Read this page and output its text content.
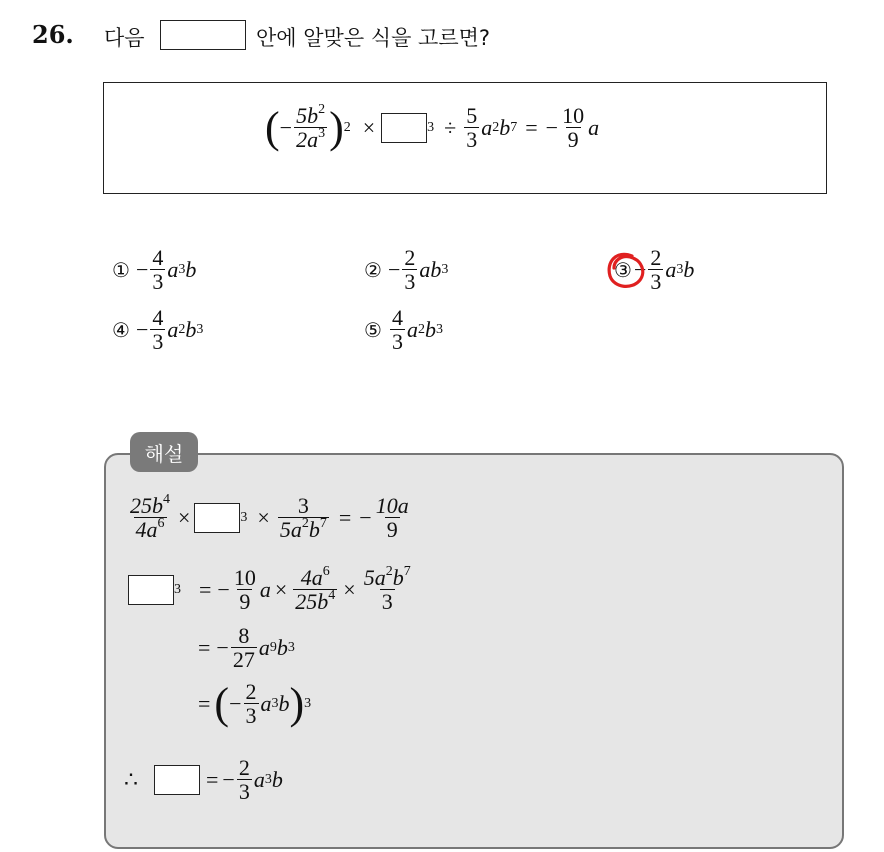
26. 다음	안에 알맞은 식을 고르면?
( − $\frac{5b^2}{2a^3}$ ) 2 ×	$3 \div \frac{5}{3}$ a 2 b 7 = − $\frac{10}{9}$ a
① − $\frac{4}{3}$ a 3 b	② − $\frac{2}{3}$ ab 3	③ − $\frac{2}{3}$ a 3 b
④ − $\frac{4}{3}$ a 2 b 3	⑤ $\frac{4}{3}$ a 2 b 3
해설
$\frac{25b^4}{4a^6}$ ×	$3 \times \frac{3}{5a^2b^7}$ = − $\frac{10a}{9}$
3 = − $\frac{10}{9}$ $a \times \frac{4a^6}{25b^4} \times \frac{5a^2b^7}{3}$
= − $\frac{8}{27}$ a 9 b 3
= ( − $\frac{2}{3}$ a 3 b ) 3
∴	= − $\frac{2}{3}$ a 3 b
